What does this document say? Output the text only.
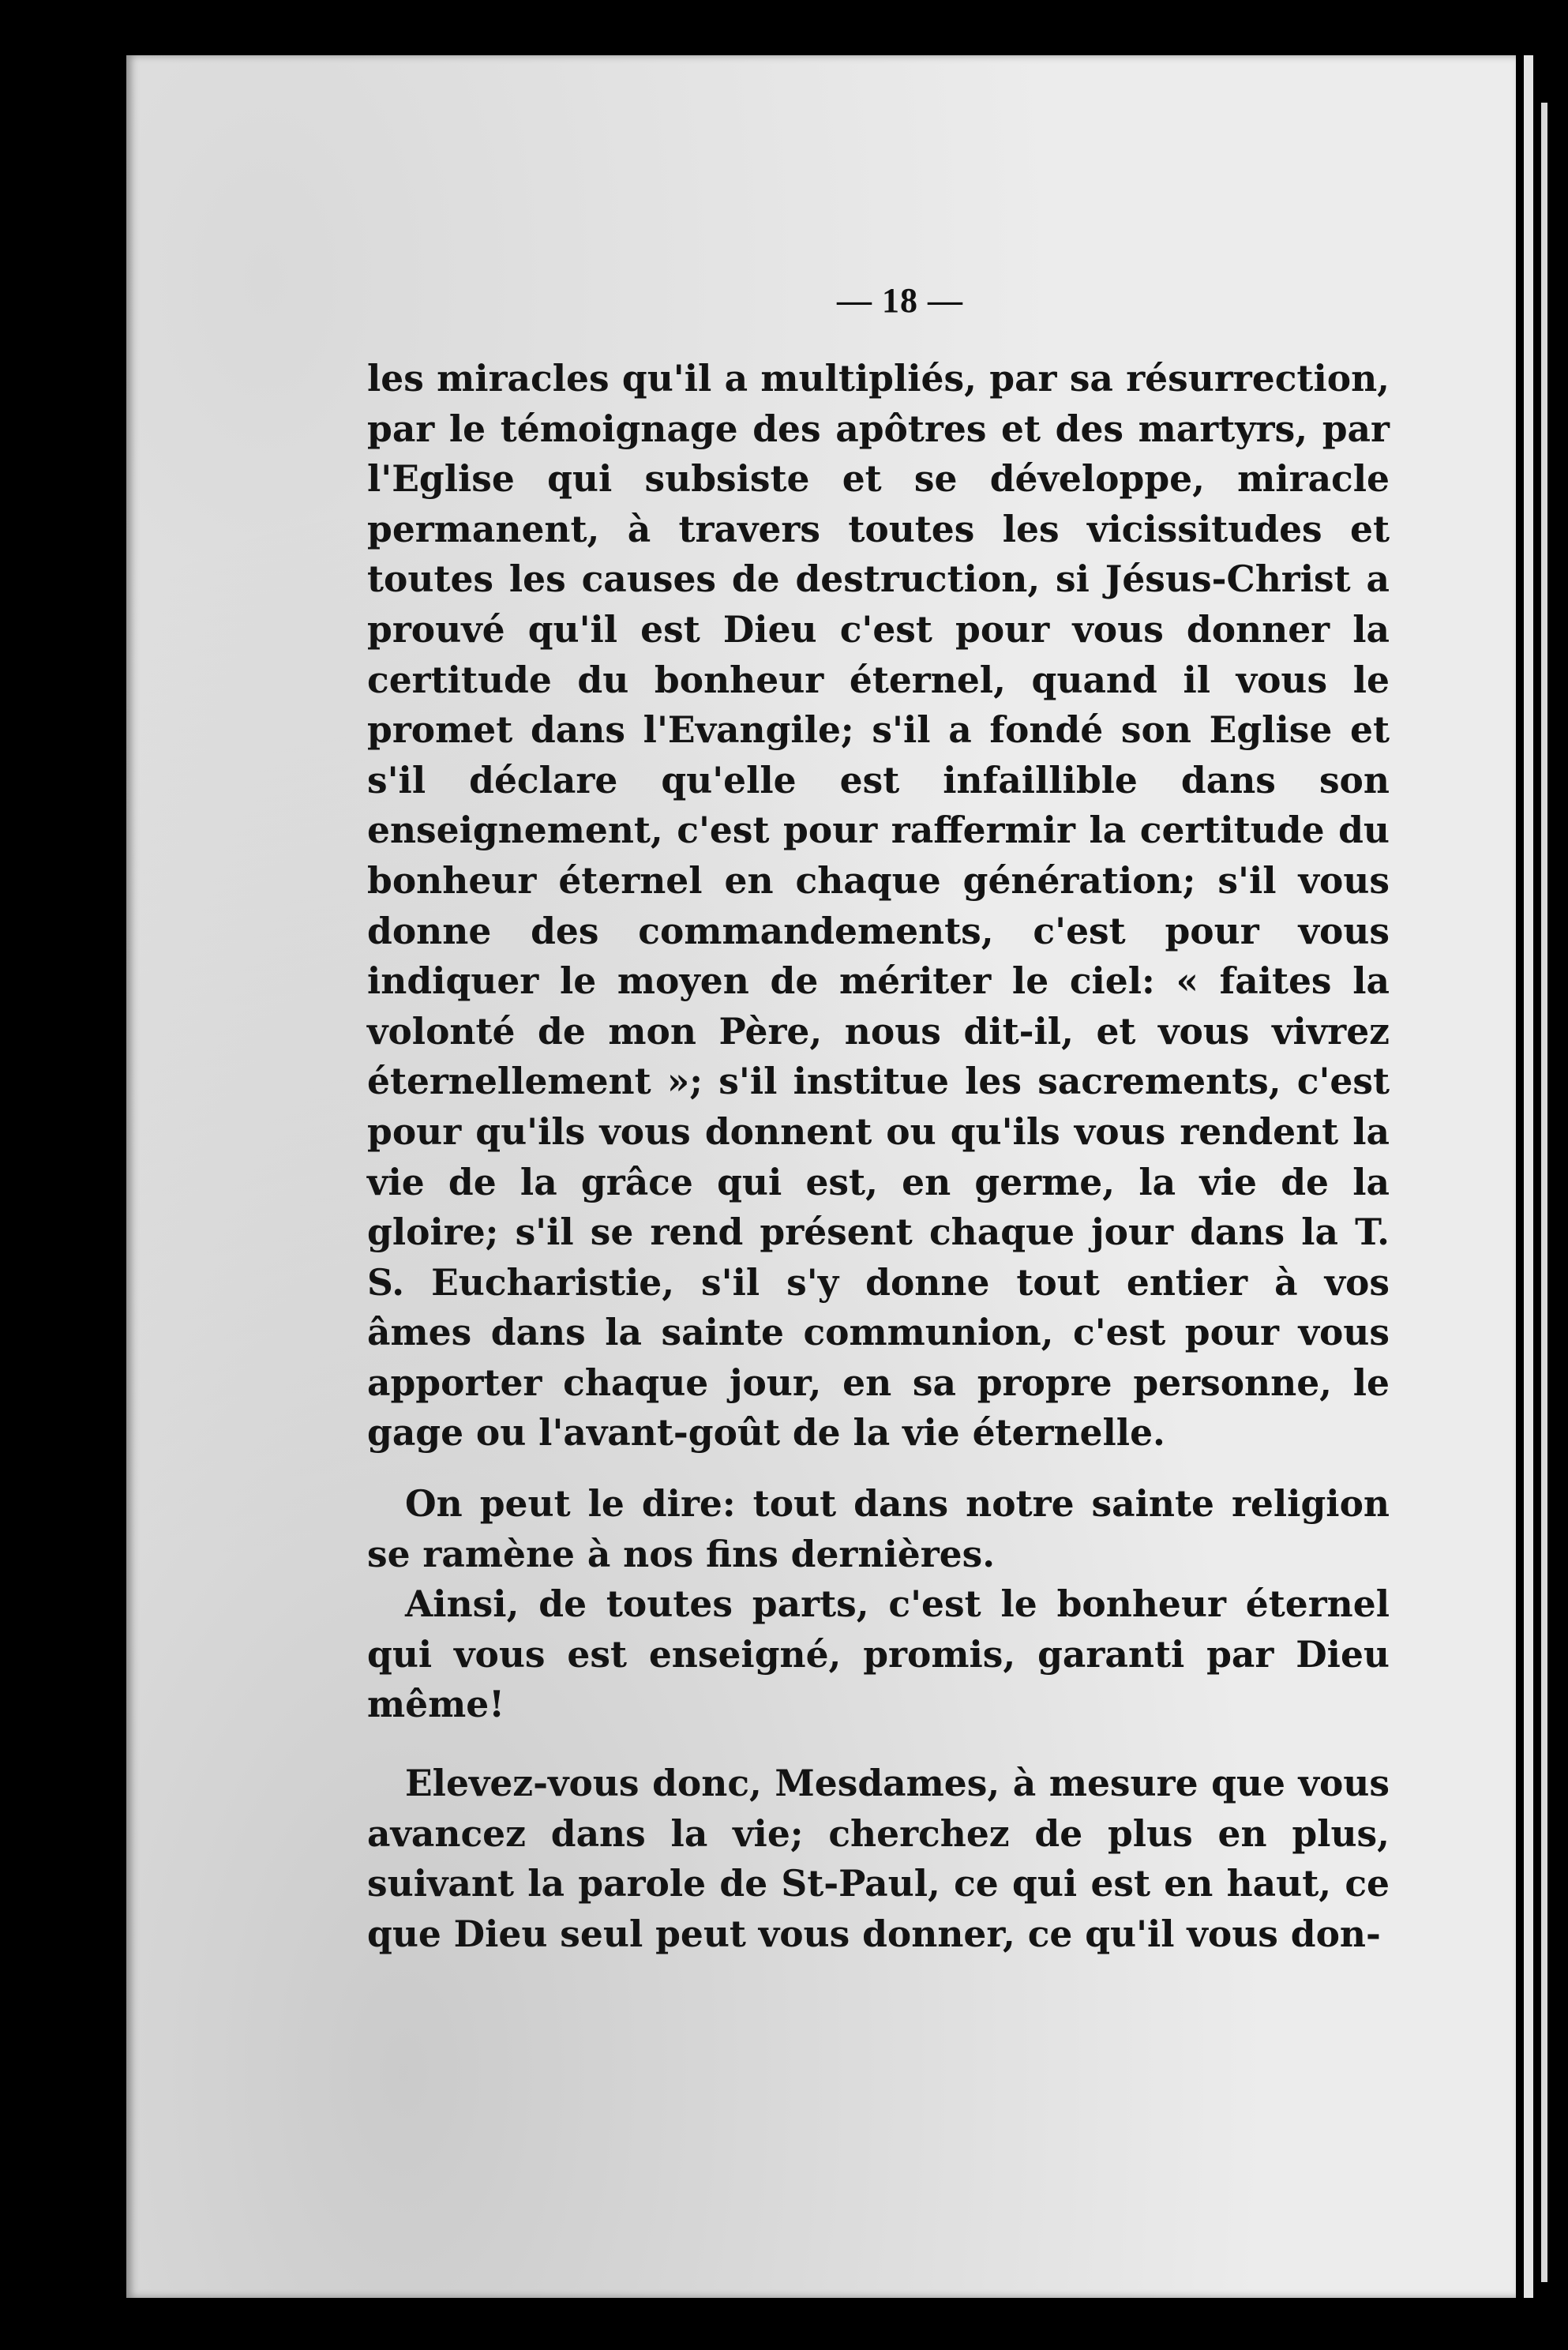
— 18 —

les miracles qu'il a multipliés, par sa résurrection, par le témoignage des apôtres et des martyrs, par l'Eglise qui subsiste et se développe, miracle permanent, à travers toutes les vicissitudes et toutes les causes de destruction, si Jésus-Christ a prouvé qu'il est Dieu c'est pour vous donner la certitude du bonheur éternel, quand il vous le promet dans l'Evangile; s'il a fondé son Eglise et s'il déclare qu'elle est infaillible dans son enseignement, c'est pour raffermir la certitude du bonheur éternel en chaque génération; s'il vous donne des commandements, c'est pour vous indiquer le moyen de mériter le ciel: « faites la volonté de mon Père, nous dit-il, et vous vivrez éternellement »; s'il institue les sacrements, c'est pour qu'ils vous donnent ou qu'ils vous rendent la vie de la grâce qui est, en germe, la vie de la gloire; s'il se rend présent chaque jour dans la T. S. Eucharistie, s'il s'y donne tout entier à vos âmes dans la sainte communion, c'est pour vous apporter chaque jour, en sa propre personne, le gage ou l'avant-goût de la vie éternelle.

On peut le dire: tout dans notre sainte religion se ramène à nos fins dernières.

Ainsi, de toutes parts, c'est le bonheur éternel qui vous est enseigné, promis, garanti par Dieu même!

Elevez-vous donc, Mesdames, à mesure que vous avancez dans la vie; cherchez de plus en plus, suivant la parole de St-Paul, ce qui est en haut, ce que Dieu seul peut vous donner, ce qu'il vous don-
